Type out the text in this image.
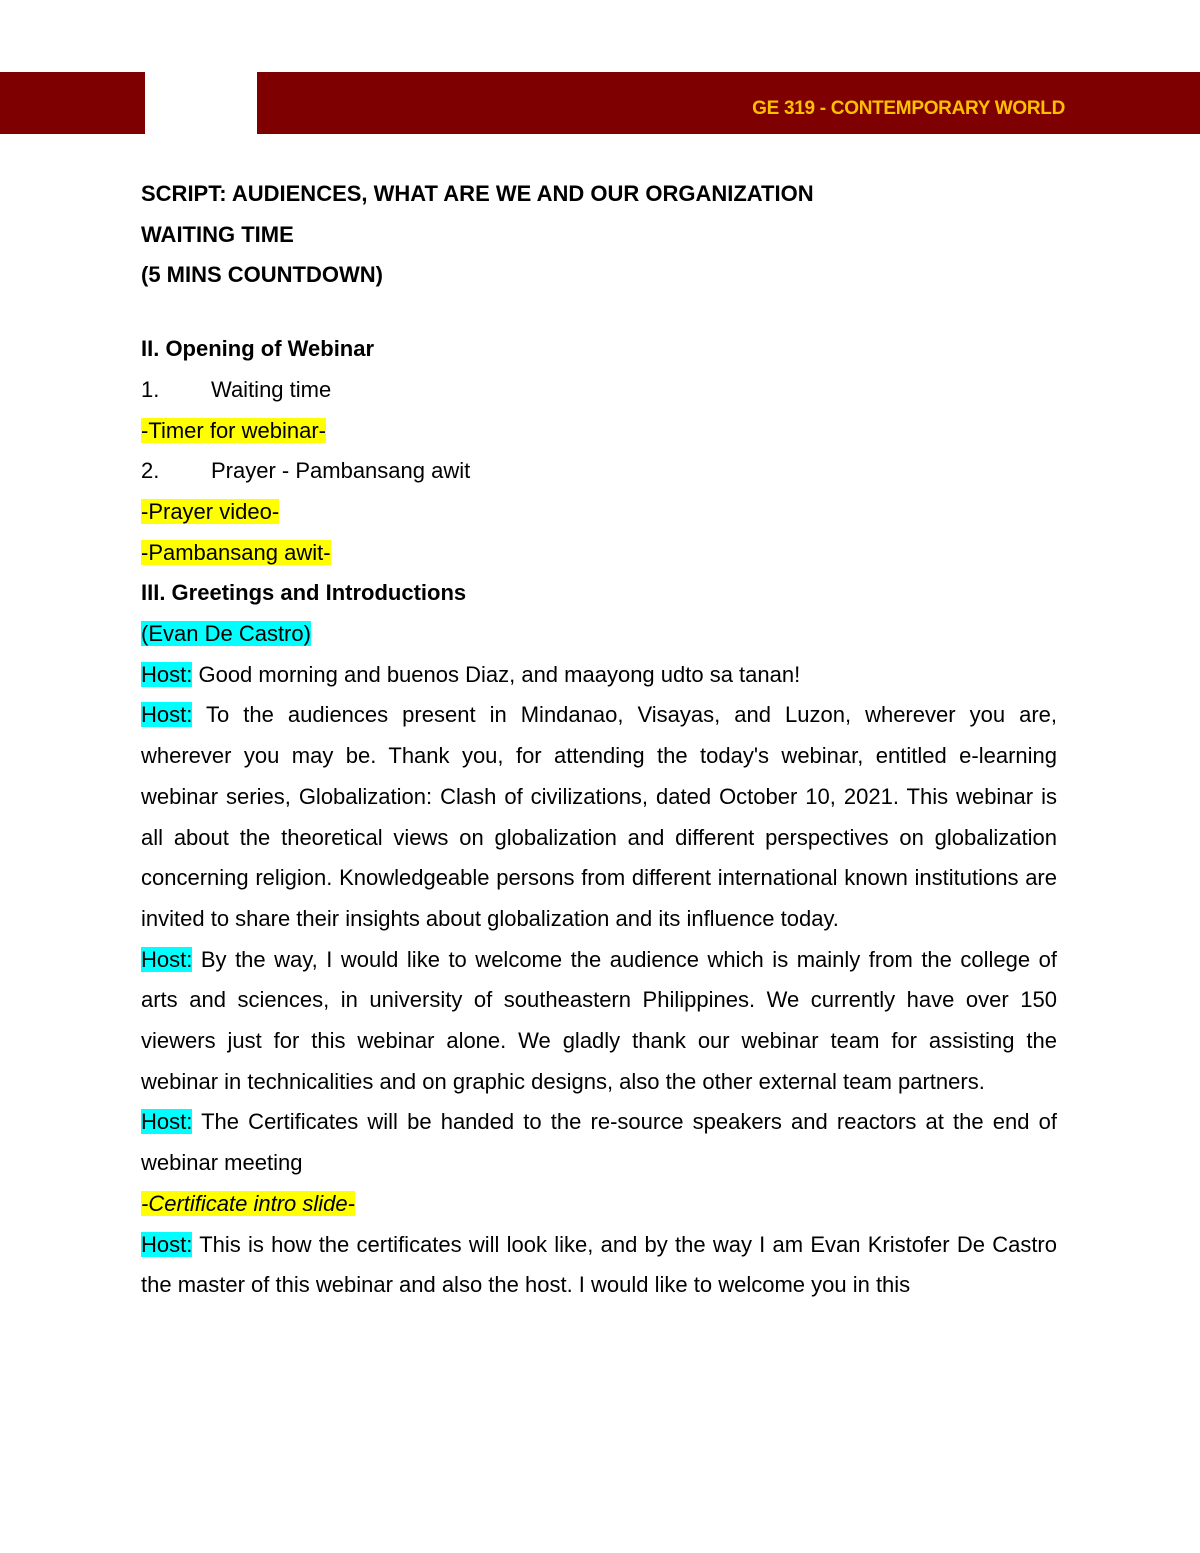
GE 319 - CONTEMPORARY WORLD

SCRIPT: AUDIENCES, WHAT ARE WE AND OUR ORGANIZATION

WAITING TIME

(5 MINS COUNTDOWN)

II. Opening of Webinar

1. Waiting time

-Timer for webinar-

2. Prayer - Pambansang awit

-Prayer video-

-Pambansang awit-

III. Greetings and Introductions

(Evan De Castro)

Host: Good morning and buenos Diaz, and maayong udto sa tanan!

Host: To the audiences present in Mindanao, Visayas, and Luzon, wherever you are, wherever you may be. Thank you, for attending the today's webinar, entitled e-learning webinar series, Globalization: Clash of civilizations, dated October 10, 2021. This webinar is all about the theoretical views on globalization and different perspectives on globalization concerning religion. Knowledgeable persons from different international known institutions are invited to share their insights about globalization and its influence today.

Host: By the way, I would like to welcome the audience which is mainly from the college of arts and sciences, in university of southeastern Philippines. We currently have over 150 viewers just for this webinar alone. We gladly thank our webinar team for assisting the webinar in technicalities and on graphic designs, also the other external team partners.

Host: The Certificates will be handed to the re-source speakers and reactors at the end of webinar meeting

-Certificate intro slide-

Host: This is how the certificates will look like, and by the way I am Evan Kristofer De Castro the master of this webinar and also the host. I would like to welcome you in this
